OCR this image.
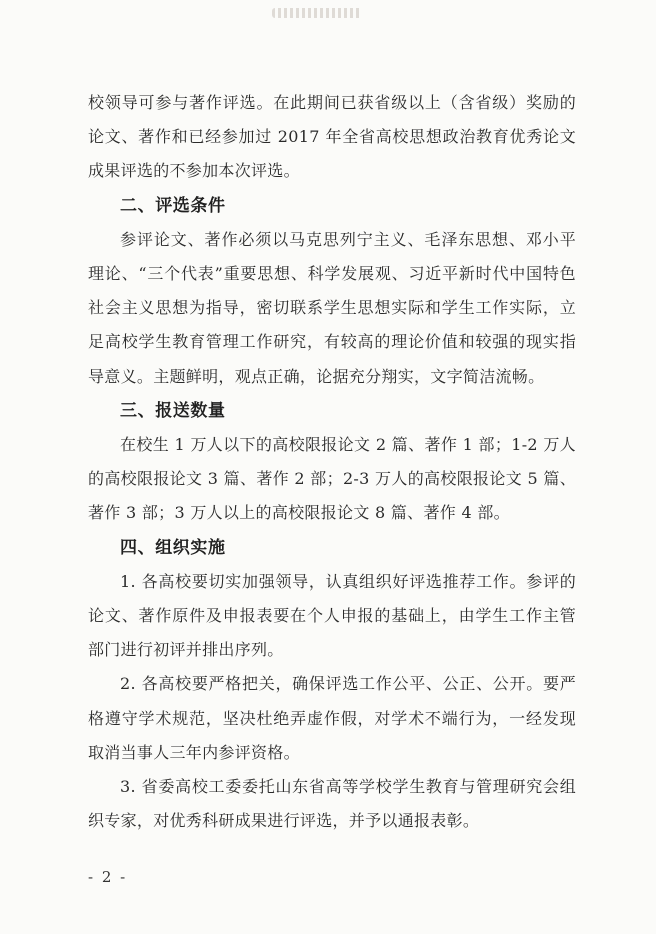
校领导可参与著作评选。在此期间已获省级以上（含省级）奖励的论文、著作和已经参加过 2017 年全省高校思想政治教育优秀论文成果评选的不参加本次评选。

二、评选条件

参评论文、著作必须以马克思列宁主义、毛泽东思想、邓小平理论、“三个代表”重要思想、科学发展观、习近平新时代中国特色社会主义思想为指导，密切联系学生思想实际和学生工作实际，立足高校学生教育管理工作研究，有较高的理论价值和较强的现实指导意义。主题鲜明，观点正确，论据充分翔实，文字简洁流畅。

三、报送数量

在校生 1 万人以下的高校限报论文 2 篇、著作 1 部；1-2 万人的高校限报论文 3 篇、著作 2 部；2-3 万人的高校限报论文 5 篇、著作 3 部；3 万人以上的高校限报论文 8 篇、著作 4 部。

四、组织实施

1. 各高校要切实加强领导，认真组织好评选推荐工作。参评的论文、著作原件及申报表要在个人申报的基础上，由学生工作主管部门进行初评并排出序列。

2. 各高校要严格把关，确保评选工作公平、公正、公开。要严格遵守学术规范，坚决杜绝弄虚作假，对学术不端行为，一经发现取消当事人三年内参评资格。

3. 省委高校工委委托山东省高等学校学生教育与管理研究会组织专家，对优秀科研成果进行评选，并予以通报表彰。

- 2 -
